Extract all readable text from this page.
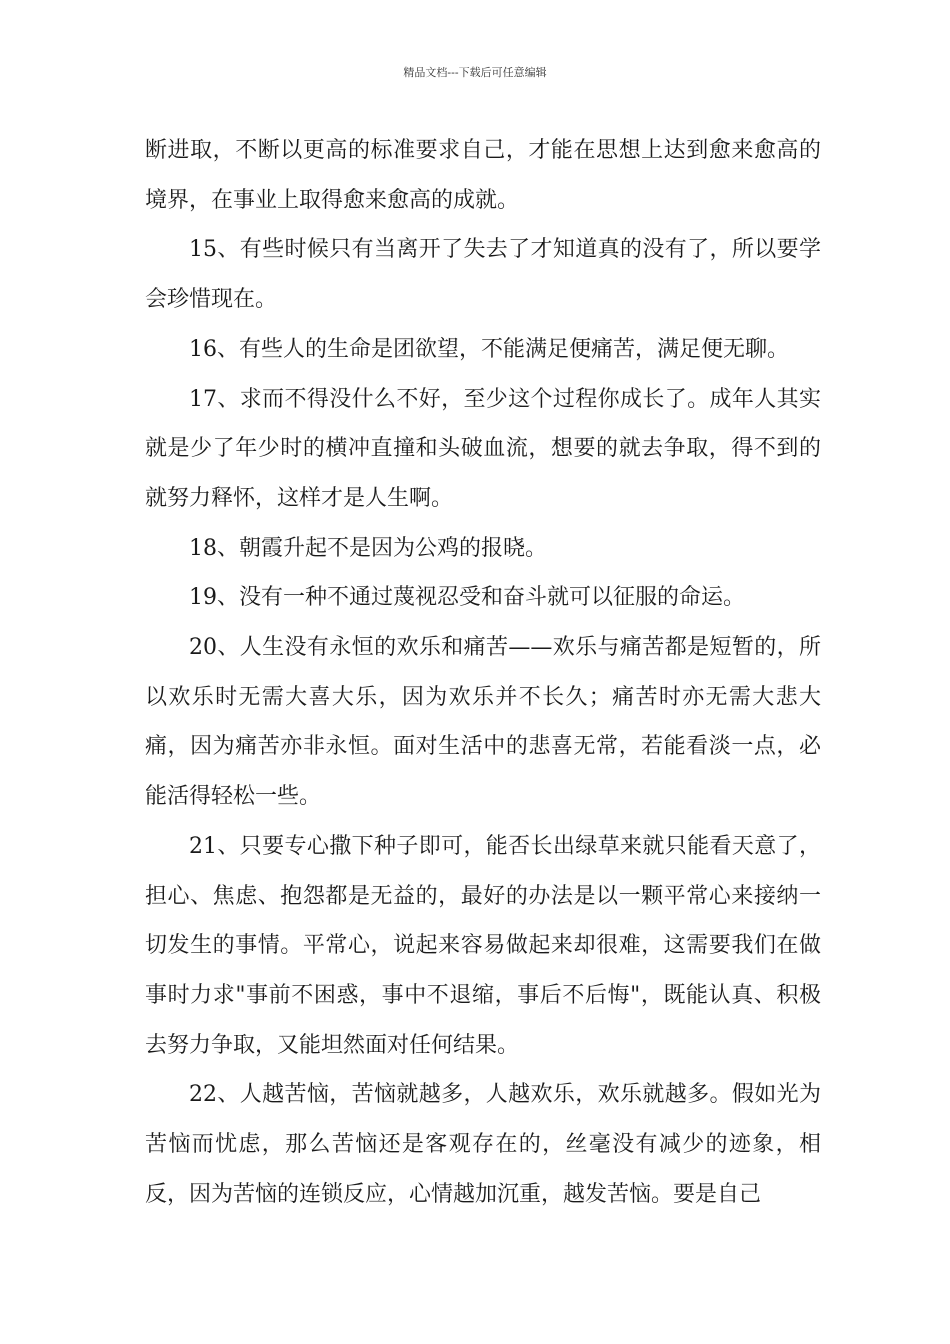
精品文档---下载后可任意编辑

断进取，不断以更高的标准要求自己，才能在思想上达到愈来愈高的境界，在事业上取得愈来愈高的成就。

15、有些时候只有当离开了失去了才知道真的没有了，所以要学会珍惜现在。

16、有些人的生命是团欲望，不能满足便痛苦，满足便无聊。

17、求而不得没什么不好，至少这个过程你成长了。成年人其实就是少了年少时的横冲直撞和头破血流，想要的就去争取，得不到的就努力释怀，这样才是人生啊。

18、朝霞升起不是因为公鸡的报晓。

19、没有一种不通过蔑视忍受和奋斗就可以征服的命运。

20、人生没有永恒的欢乐和痛苦——欢乐与痛苦都是短暂的，所以欢乐时无需大喜大乐，因为欢乐并不长久；痛苦时亦无需大悲大痛，因为痛苦亦非永恒。面对生活中的悲喜无常，若能看淡一点，必能活得轻松一些。

21、只要专心撒下种子即可，能否长出绿草来就只能看天意了，担心、焦虑、抱怨都是无益的，最好的办法是以一颗平常心来接纳一切发生的事情。平常心，说起来容易做起来却很难，这需要我们在做事时力求"事前不困惑，事中不退缩，事后不后悔"，既能认真、积极去努力争取，又能坦然面对任何结果。

22、人越苦恼，苦恼就越多，人越欢乐，欢乐就越多。假如光为苦恼而忧虑，那么苦恼还是客观存在的，丝毫没有减少的迹象，相反，因为苦恼的连锁反应，心情越加沉重，越发苦恼。要是自己
